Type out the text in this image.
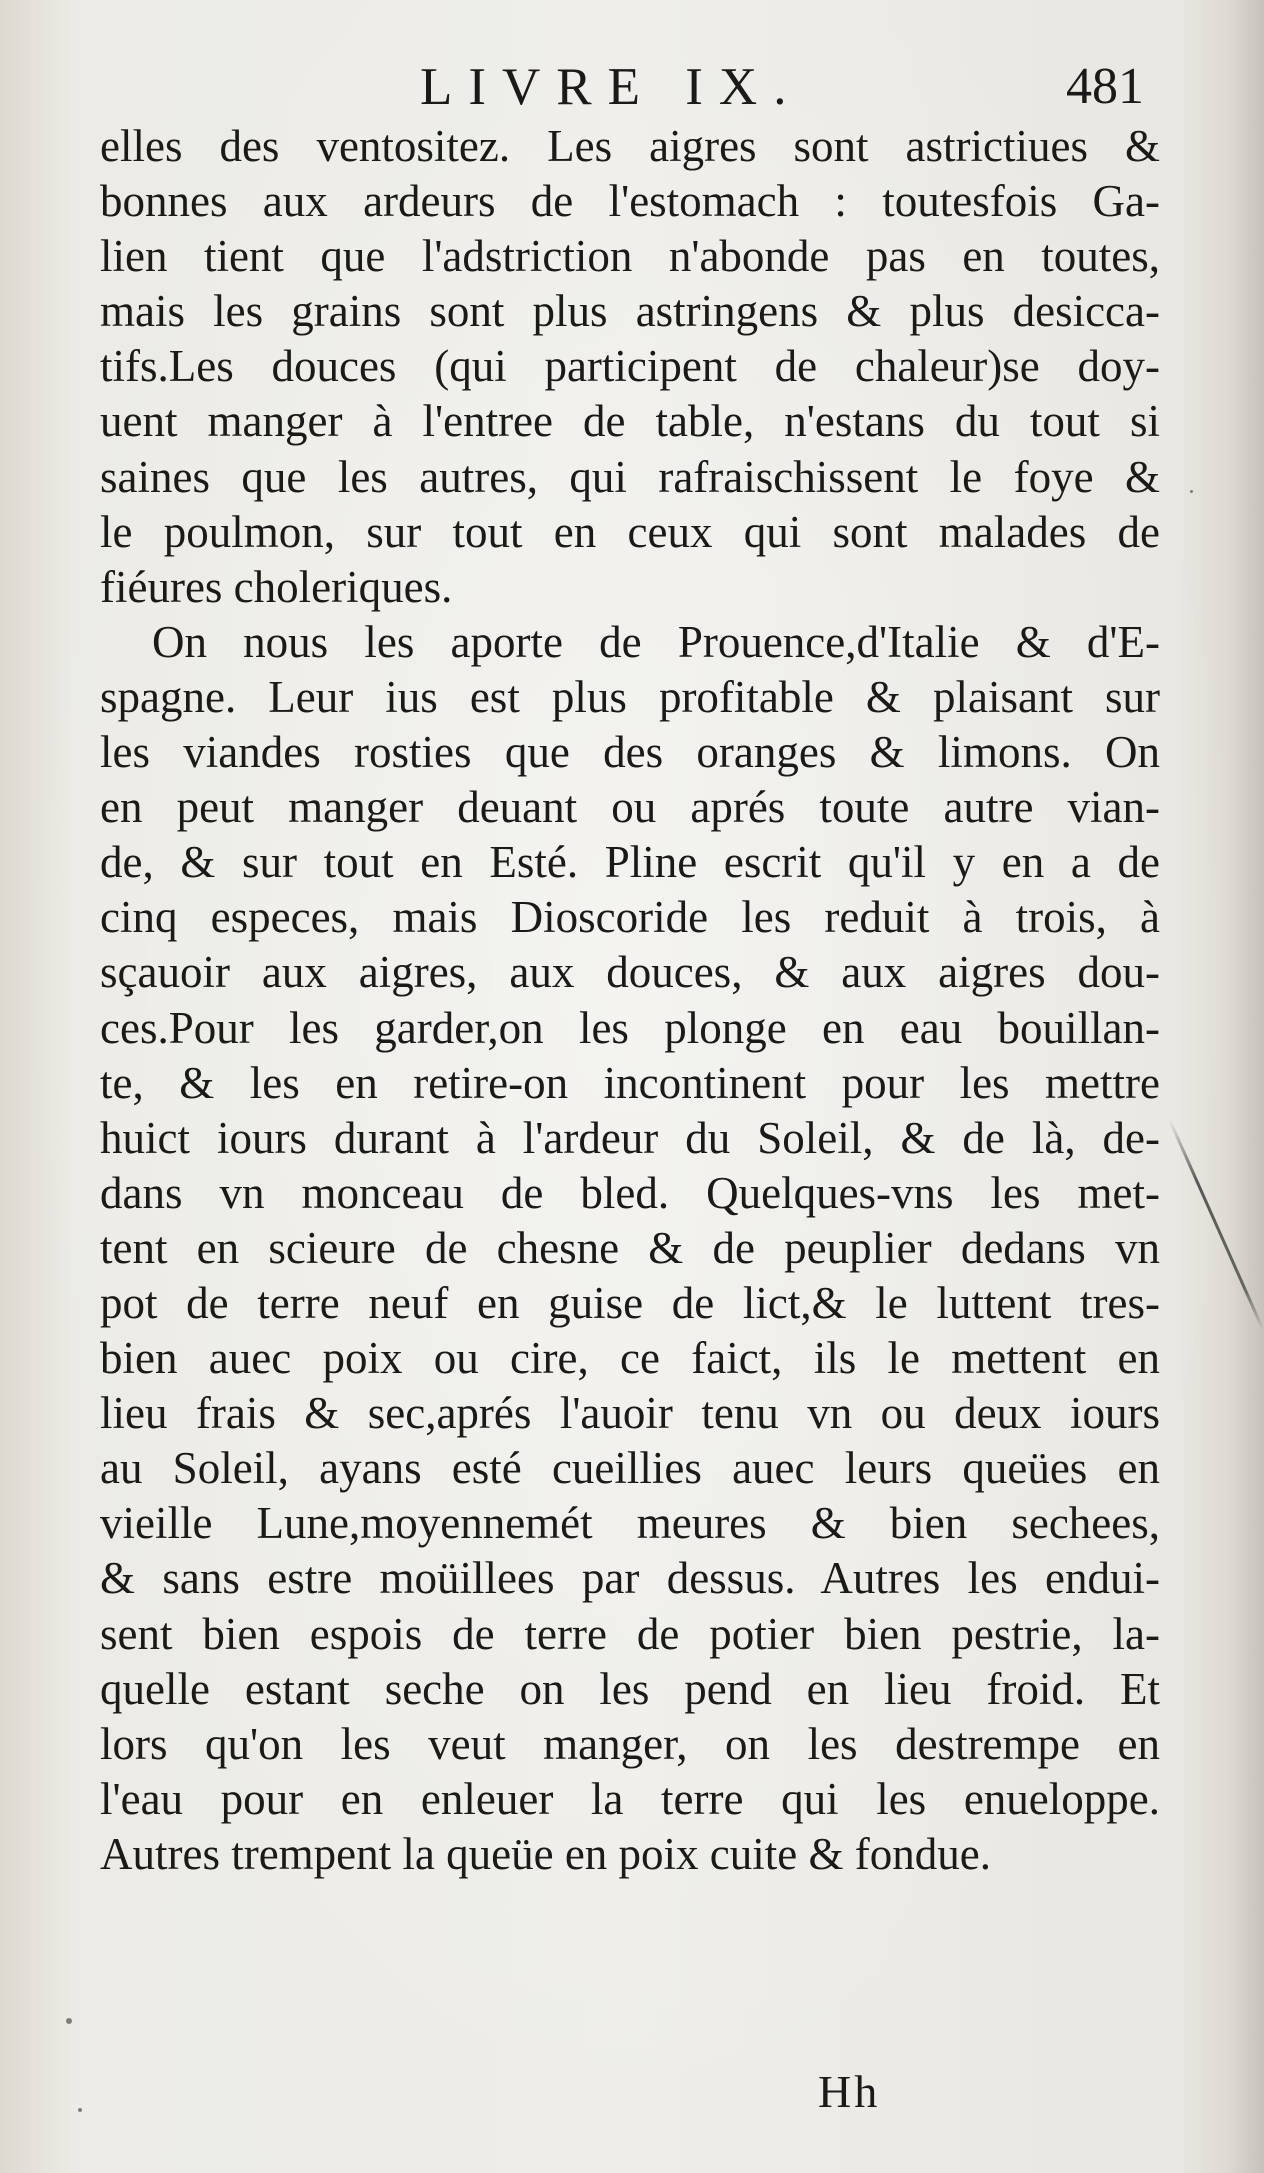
LIVRE IX.	481
elles des ventositez. Les aigres sont astrictiues &
bonnes aux ardeurs de l'estomach : toutesfois Ga-
lien tient que l'adstriction n'abonde pas en toutes,
mais les grains sont plus astringens & plus desicca-
tifs.Les douces (qui participent de chaleur)se doy-
uent manger à l'entree de table, n'estans du tout si
saines que les autres, qui rafraischissent le foye &
le poulmon, sur tout en ceux qui sont malades de
fiéures choleriques.
On nous les aporte de Prouence,d'Italie & d'E-
spagne. Leur ius est plus profitable & plaisant sur
les viandes rosties que des oranges & limons. On
en peut manger deuant ou aprés toute autre vian-
de, & sur tout en Esté. Pline escrit qu'il y en a de
cinq especes, mais Dioscoride les reduit à trois, à
sçauoir aux aigres, aux douces, & aux aigres dou-
ces.Pour les garder,on les plonge en eau bouillan-
te, & les en retire-on incontinent pour les mettre
huict iours durant à l'ardeur du Soleil, & de là, de-
dans vn monceau de bled. Quelques-vns les met-
tent en scieure de chesne & de peuplier dedans vn
pot de terre neuf en guise de lict,& le luttent tres-
bien auec poix ou cire, ce faict, ils le mettent en
lieu frais & sec,aprés l'auoir tenu vn ou deux iours
au Soleil, ayans esté cueillies auec leurs queües en
vieille Lune,moyennemét meures & bien sechees,
& sans estre moüillees par dessus. Autres les endui-
sent bien espois de terre de potier bien pestrie, la-
quelle estant seche on les pend en lieu froid. Et
lors qu'on les veut manger, on les destrempe en
l'eau pour en enleuer la terre qui les enueloppe.
Autres trempent la queüe en poix cuite & fondue.
Hh
